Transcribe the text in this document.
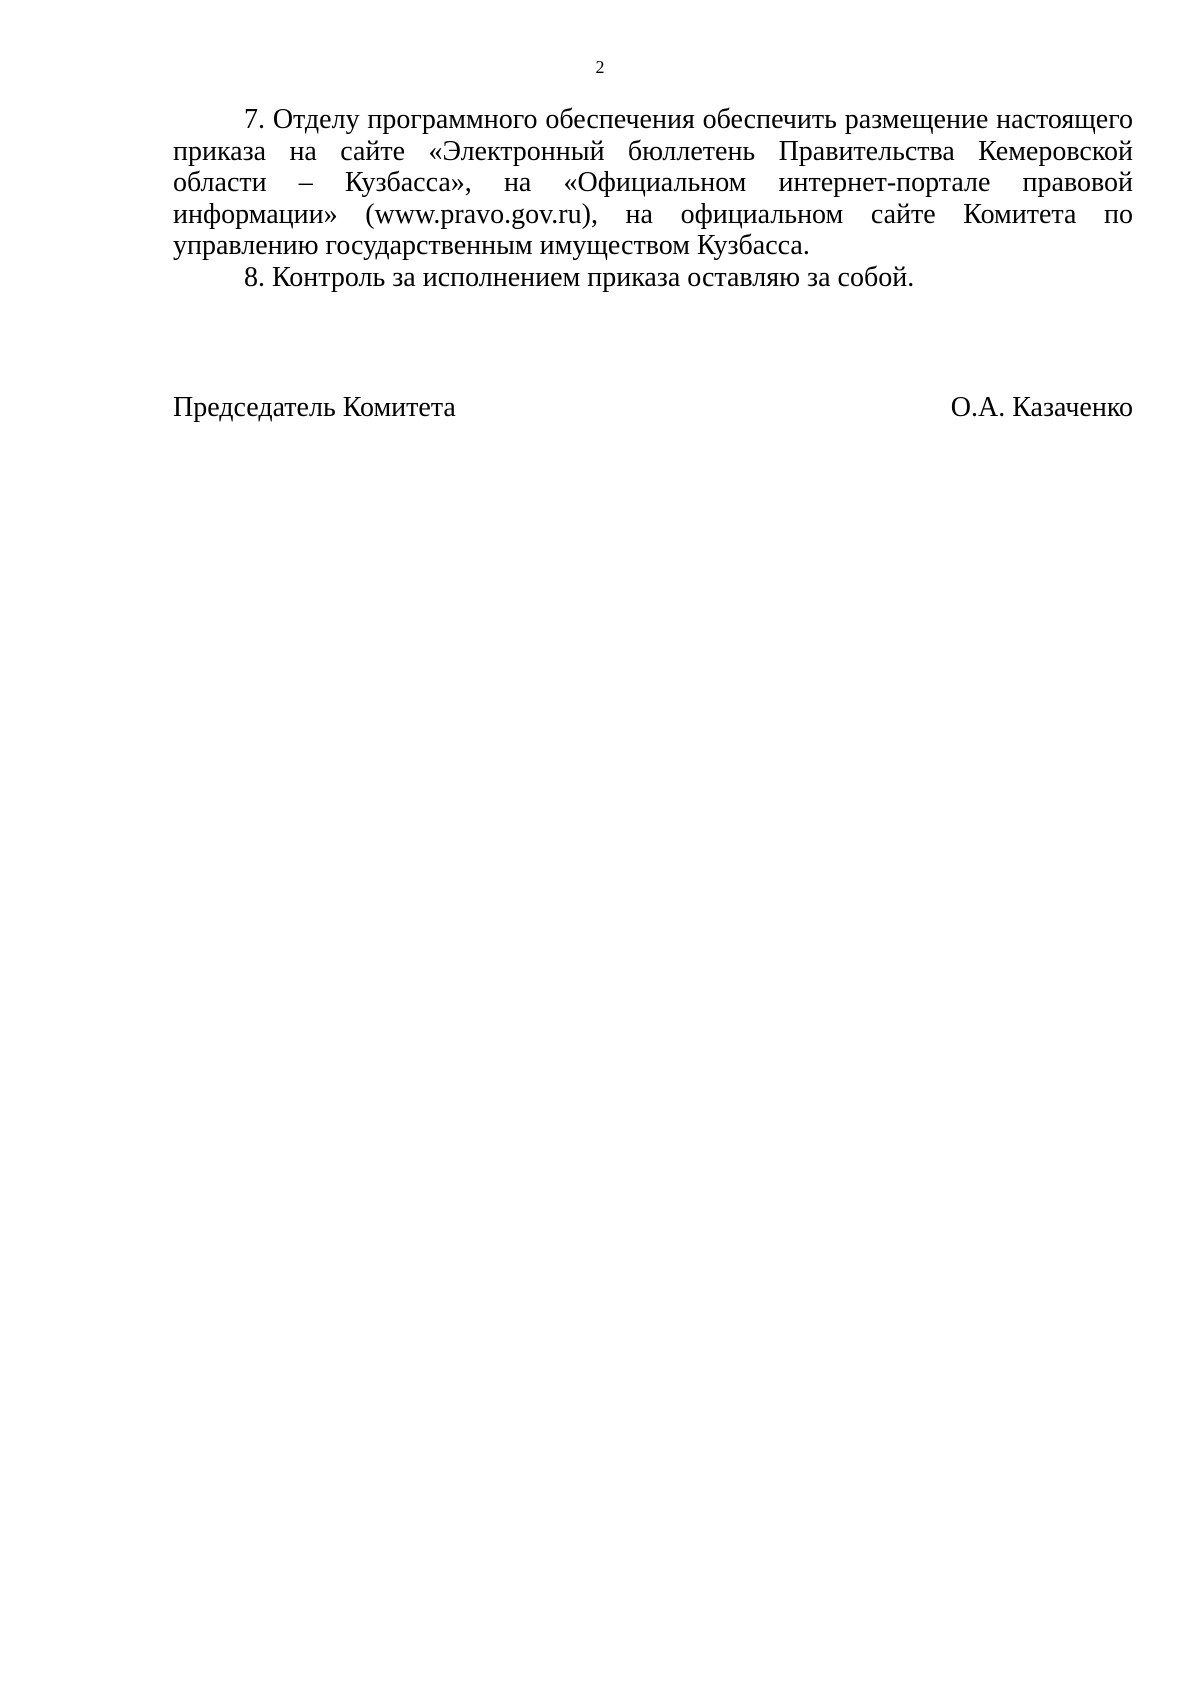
2

7. Отделу программного обеспечения обеспечить размещение настоящего приказа на сайте «Электронный бюллетень Правительства Кемеровской области – Кузбасса», на «Официальном интернет-портале правовой информации» (www.pravo.gov.ru), на официальном сайте Комитета по управлению государственным имуществом Кузбасса.

8. Контроль за исполнением приказа оставляю за собой.

Председатель Комитета	О.А. Казаченко
